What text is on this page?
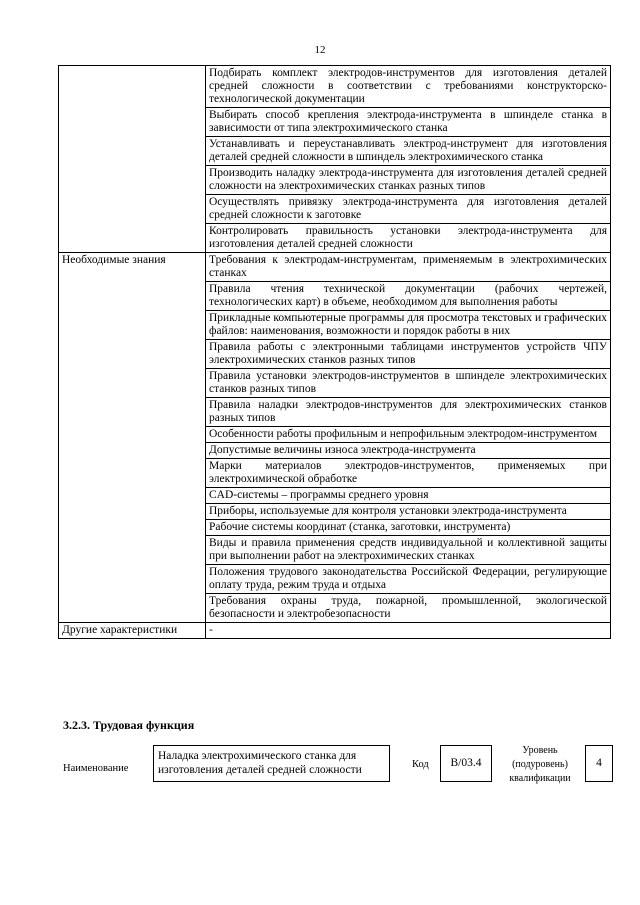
12
	Подбирать комплект электродов-инструментов для изготовления деталей средней сложности в соответствии с требованиями конструкторско-технологической документации
	Выбирать способ крепления электрода-инструмента в шпинделе станка в зависимости от типа электрохимического станка
	Устанавливать и переустанавливать электрод-инструмент для изготовления деталей средней сложности в шпиндель электрохимического станка
	Производить наладку электрода-инструмента для изготовления деталей средней сложности на электрохимических станках разных типов
	Осуществлять привязку электрода-инструмента для изготовления деталей средней сложности к заготовке
	Контролировать правильность установки электрода-инструмента для изготовления деталей средней сложности
Необходимые знания	Требования к электродам-инструментам, применяемым в электрохимических станках
	Правила чтения технической документации (рабочих чертежей, технологических карт) в объеме, необходимом для выполнения работы
	Прикладные компьютерные программы для просмотра текстовых и графических файлов: наименования, возможности и порядок работы в них
	Правила работы с электронными таблицами инструментов устройств ЧПУ электрохимических станков разных типов
	Правила установки электродов-инструментов в шпинделе электрохимических станков разных типов
	Правила наладки электродов-инструментов для электрохимических станков разных типов
	Особенности работы профильным и непрофильным электродом-инструментом
	Допустимые величины износа электрода-инструмента
	Марки материалов электродов-инструментов, применяемых при электрохимической обработке
	CAD-системы – программы среднего уровня
	Приборы, используемые для контроля установки электрода-инструмента
	Рабочие системы координат (станка, заготовки, инструмента)
	Виды и правила применения средств индивидуальной и коллективной защиты при выполнении работ на электрохимических станках
	Положения трудового законодательства Российской Федерации, регулирующие оплату труда, режим труда и отдыха
	Требования охраны труда, пожарной, промышленной, экологической безопасности и электробезопасности
Другие характеристики	-
3.2.3. Трудовая функция
Наименование
Наладка электрохимического станка для изготовления деталей средней сложности	Код	В/03.4
Уровень
(подуровень)
квалификации
4
